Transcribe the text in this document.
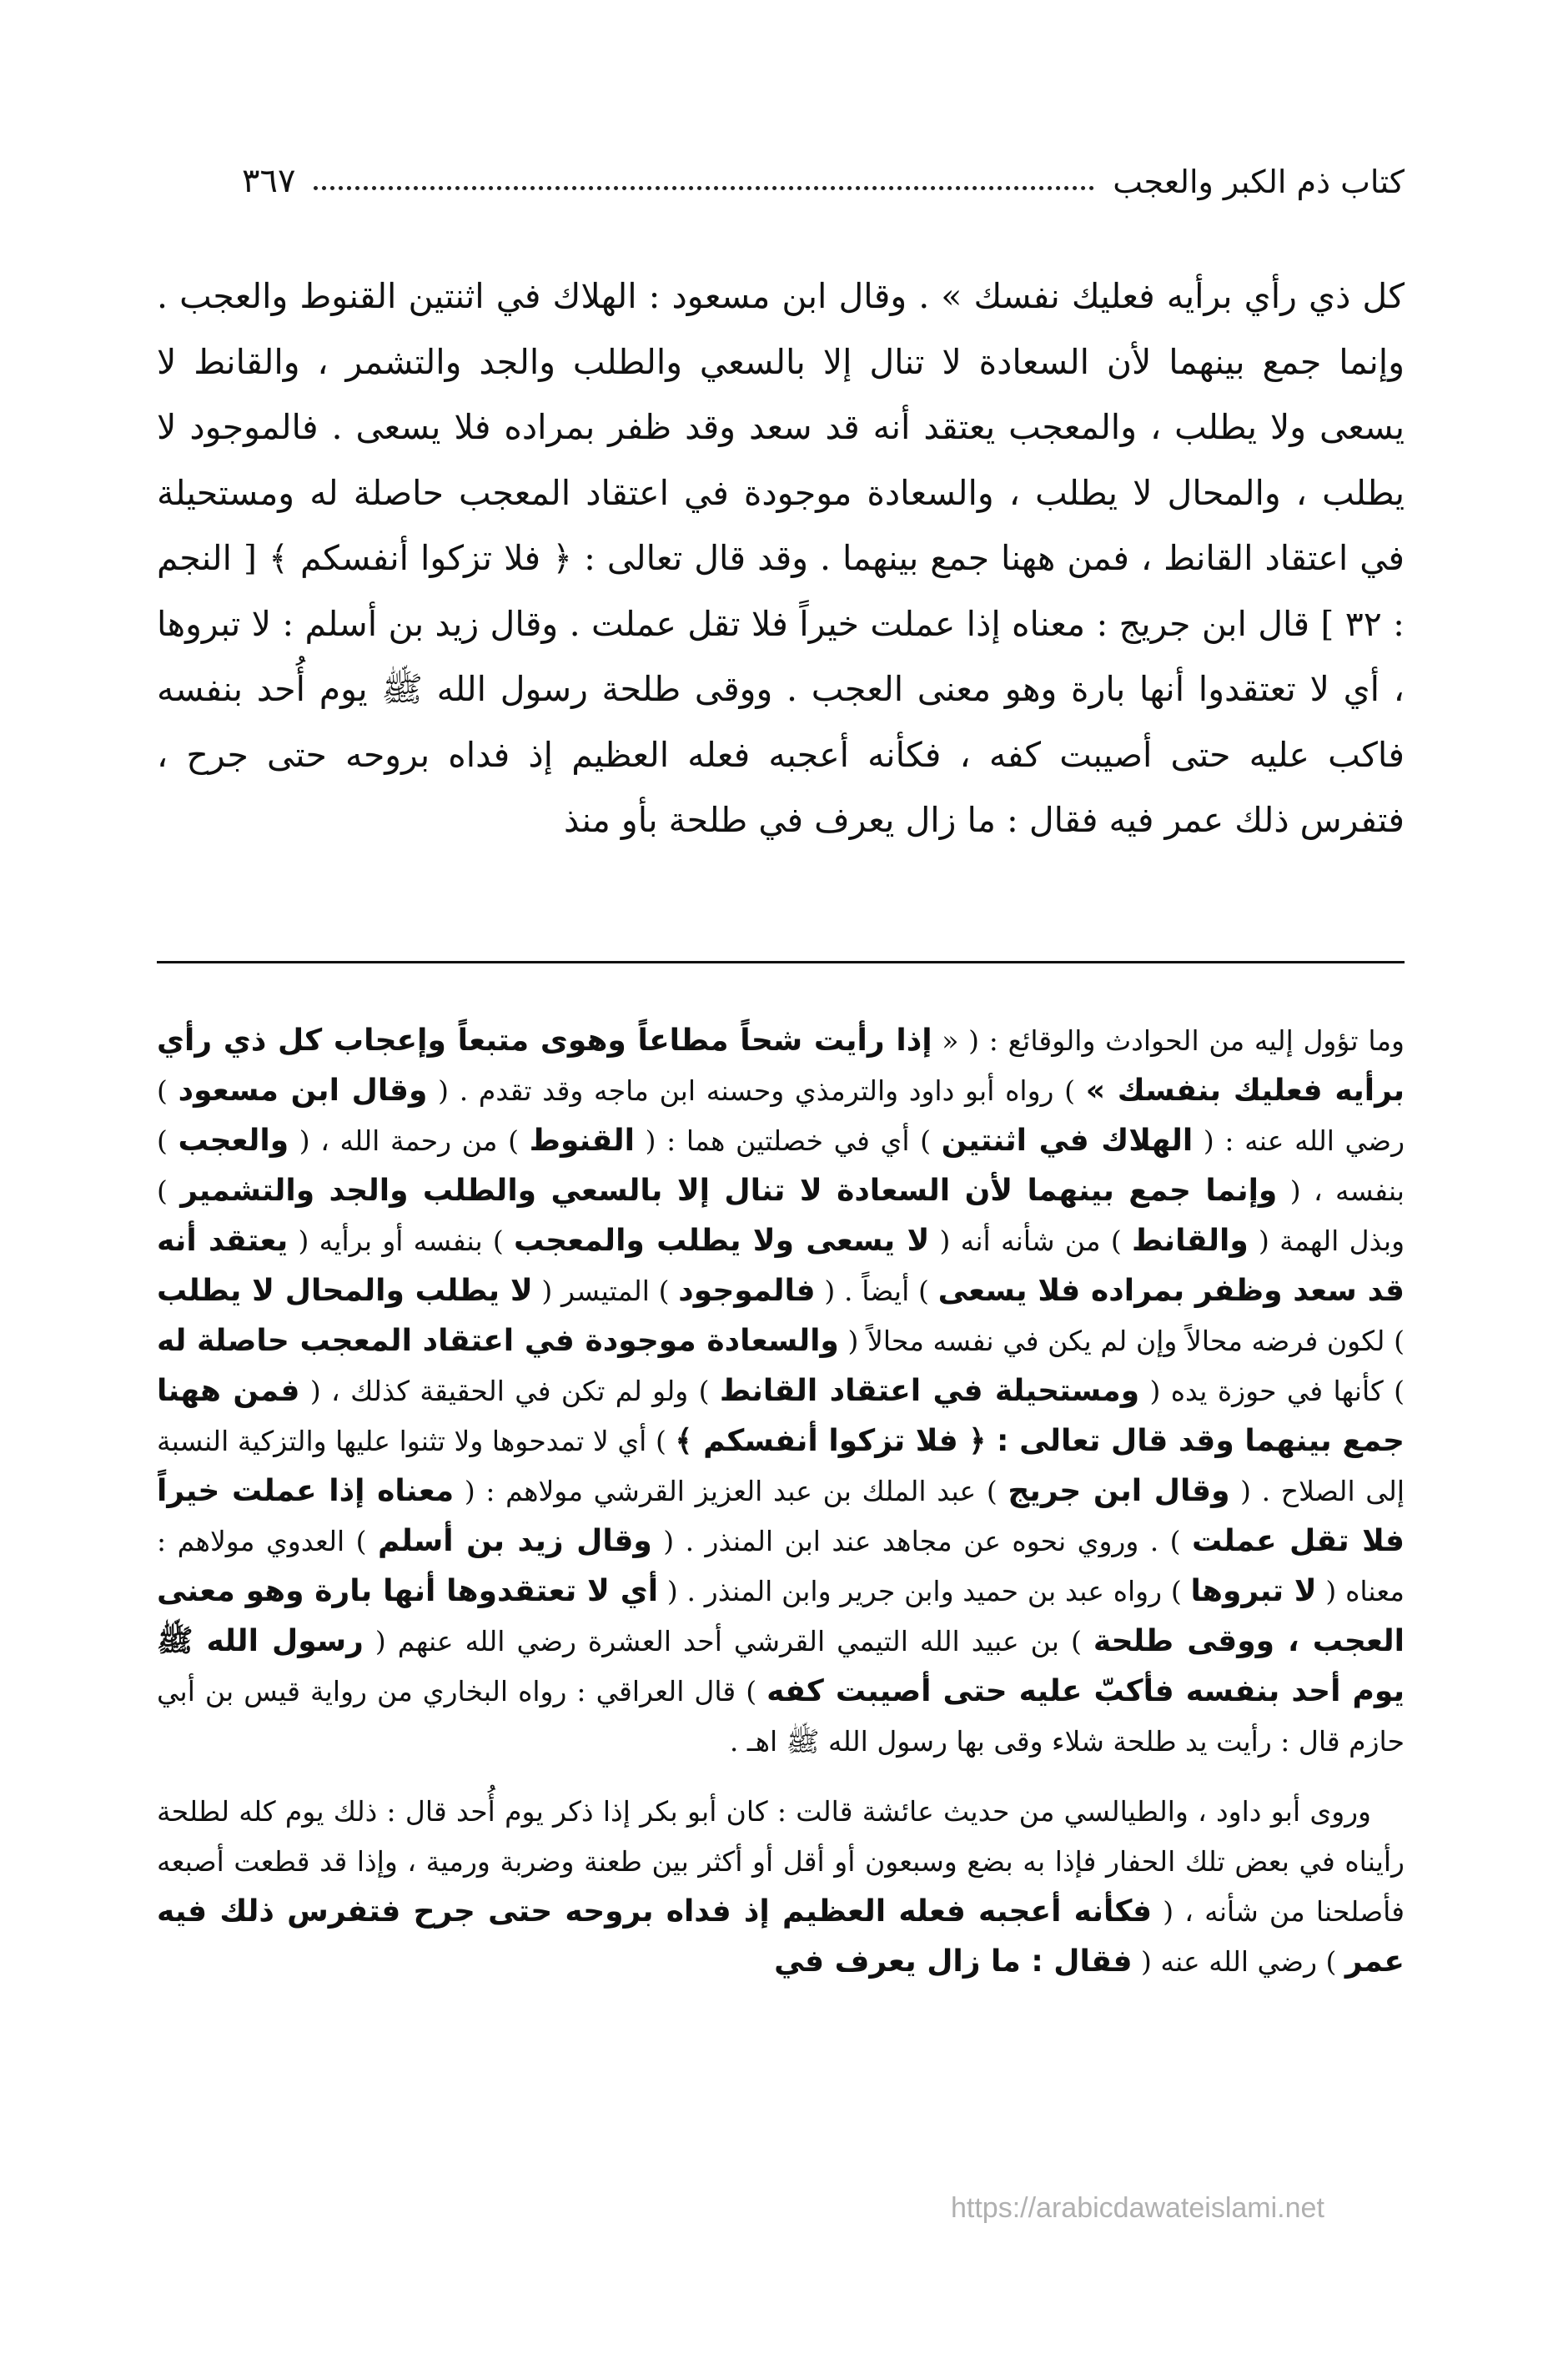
كتاب ذم الكبر والعجب
٣٦٧

كل ذي رأي برأيه فعليك نفسك » . وقال ابن مسعود : الهلاك في اثنتين القنوط والعجب . وإنما جمع بينهما لأن السعادة لا تنال إلا بالسعي والطلب والجد والتشمر ، والقانط لا يسعى ولا يطلب ، والمعجب يعتقد أنه قد سعد وقد ظفر بمراده فلا يسعى . فالموجود لا يطلب ، والمحال لا يطلب ، والسعادة موجودة في اعتقاد المعجب حاصلة له ومستحيلة في اعتقاد القانط ، فمن ههنا جمع بينهما . وقد قال تعالى : ﴿ فلا تزكوا أنفسكم ﴾ [ النجم : ٣٢ ] قال ابن جريج : معناه إذا عملت خيراً فلا تقل عملت . وقال زيد بن أسلم : لا تبروها ، أي لا تعتقدوا أنها بارة وهو معنى العجب . ووقى طلحة رسول الله ﷺ يوم أُحد بنفسه فاكب عليه حتى أصيبت كفه ، فكأنه أعجبه فعله العظيم إذ فداه بروحه حتى جرح ، فتفرس ذلك عمر فيه فقال : ما زال يعرف في طلحة بأو منذ

وما تؤول إليه من الحوادث والوقائع : ( « إذا رأيت شحاً مطاعاً وهوى متبعاً وإعجاب كل ذي رأي برأيه فعليك بنفسك » ) رواه أبو داود والترمذي وحسنه ابن ماجه وقد تقدم . ( وقال ابن مسعود ) رضي الله عنه : ( الهلاك في اثنتين ) أي في خصلتين هما : ( القنوط ) من رحمة الله ، ( والعجب ) بنفسه ، ( وإنما جمع بينهما لأن السعادة لا تنال إلا بالسعي والطلب والجد والتشمير ) وبذل الهمة ( والقانط ) من شأنه أنه ( لا يسعى ولا يطلب والمعجب ) بنفسه أو برأيه ( يعتقد أنه قد سعد وظفر بمراده فلا يسعى ) أيضاً . ( فالموجود ) المتيسر ( لا يطلب والمحال لا يطلب ) لكون فرضه محالاً وإن لم يكن في نفسه محالاً ( والسعادة موجودة في اعتقاد المعجب حاصلة له ) كأنها في حوزة يده ( ومستحيلة في اعتقاد القانط ) ولو لم تكن في الحقيقة كذلك ، ( فمن ههنا جمع بينهما وقد قال تعالى : ﴿ فلا تزكوا أنفسكم ﴾ ) أي لا تمدحوها ولا تثنوا عليها والتزكية النسبة إلى الصلاح . ( وقال ابن جريج ) عبد الملك بن عبد العزيز القرشي مولاهم : ( معناه إذا عملت خيراً فلا تقل عملت ) . وروي نحوه عن مجاهد عند ابن المنذر . ( وقال زيد بن أسلم ) العدوي مولاهم : معناه ( لا تبروها ) رواه عبد بن حميد وابن جرير وابن المنذر . ( أي لا تعتقدوها أنها بارة وهو معنى العجب ، ووقى طلحة ) بن عبيد الله التيمي القرشي أحد العشرة رضي الله عنهم ( رسول الله ﷺ يوم أحد بنفسه فأكبّ عليه حتى أصيبت كفه ) قال العراقي : رواه البخاري من رواية قيس بن أبي حازم قال : رأيت يد طلحة شلاء وقى بها رسول الله ﷺ اهـ .

وروى أبو داود ، والطيالسي من حديث عائشة قالت : كان أبو بكر إذا ذكر يوم أُحد قال : ذلك يوم كله لطلحة رأيناه في بعض تلك الحفار فإذا به بضع وسبعون أو أقل أو أكثر بين طعنة وضربة ورمية ، وإذا قد قطعت أصبعه فأصلحنا من شأنه ، ( فكأنه أعجبه فعله العظيم إذ فداه بروحه حتى جرح فتفرس ذلك فيه عمر ) رضي الله عنه ( فقال : ما زال يعرف في

https://arabicdawateislami.net
